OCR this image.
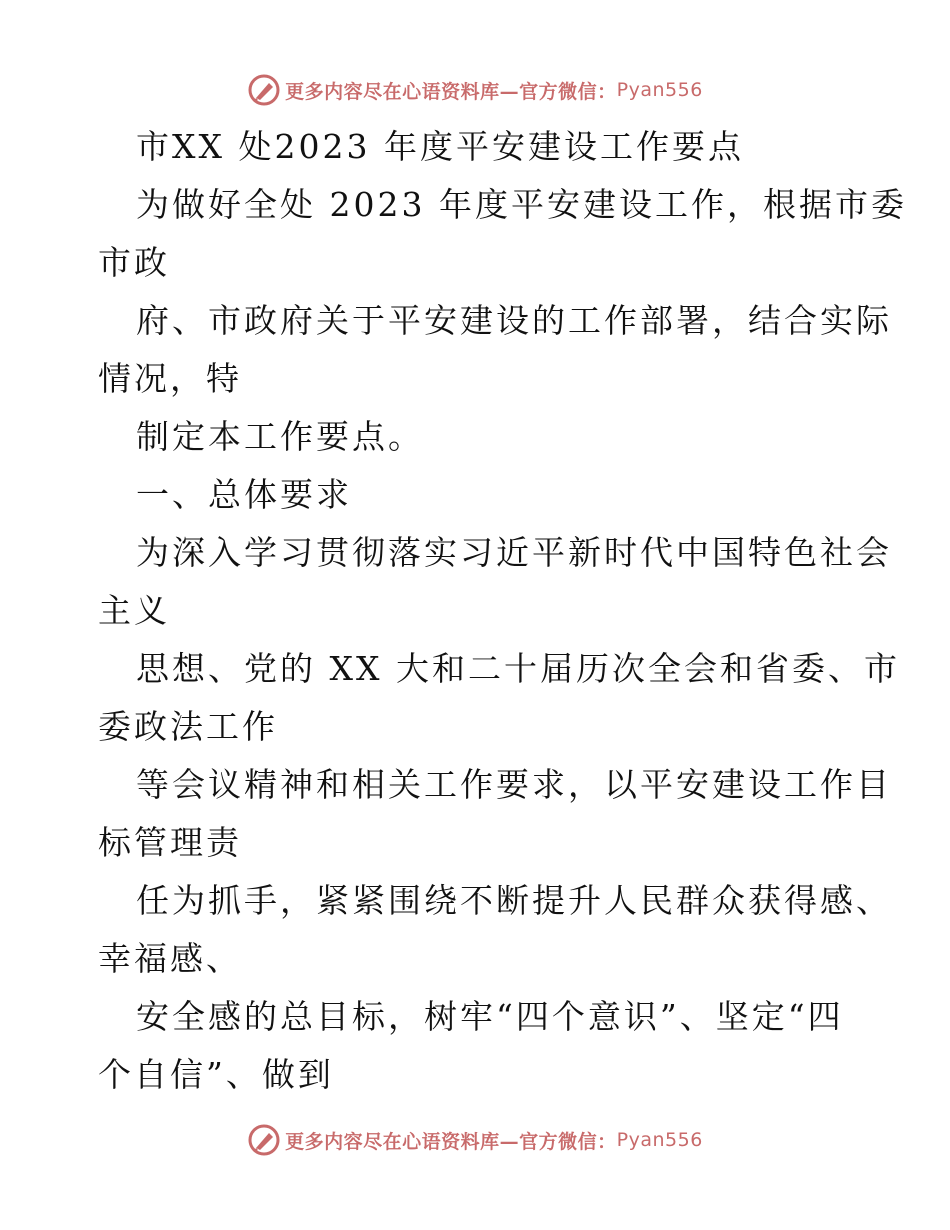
更多内容尽在心语资料库—官方微信： Pyan556
市XX 处2023 年度平安建设工作要点
为做好全处 2023 年度平安建设工作，根据市委
市政
府、市政府关于平安建设的工作部署，结合实际
情况，特
制定本工作要点。
一、总体要求
为深入学习贯彻落实习近平新时代中国特色社会
主义
思想、党的 XX 大和二十届历次全会和省委、市
委政法工作
等会议精神和相关工作要求，以平安建设工作目
标管理责
任为抓手，紧紧围绕不断提升人民群众获得感、
幸福感、
安全感的总目标，树牢“四个意识”、坚定“四
个自信”、做到
更多内容尽在心语资料库—官方微信： Pyan556
